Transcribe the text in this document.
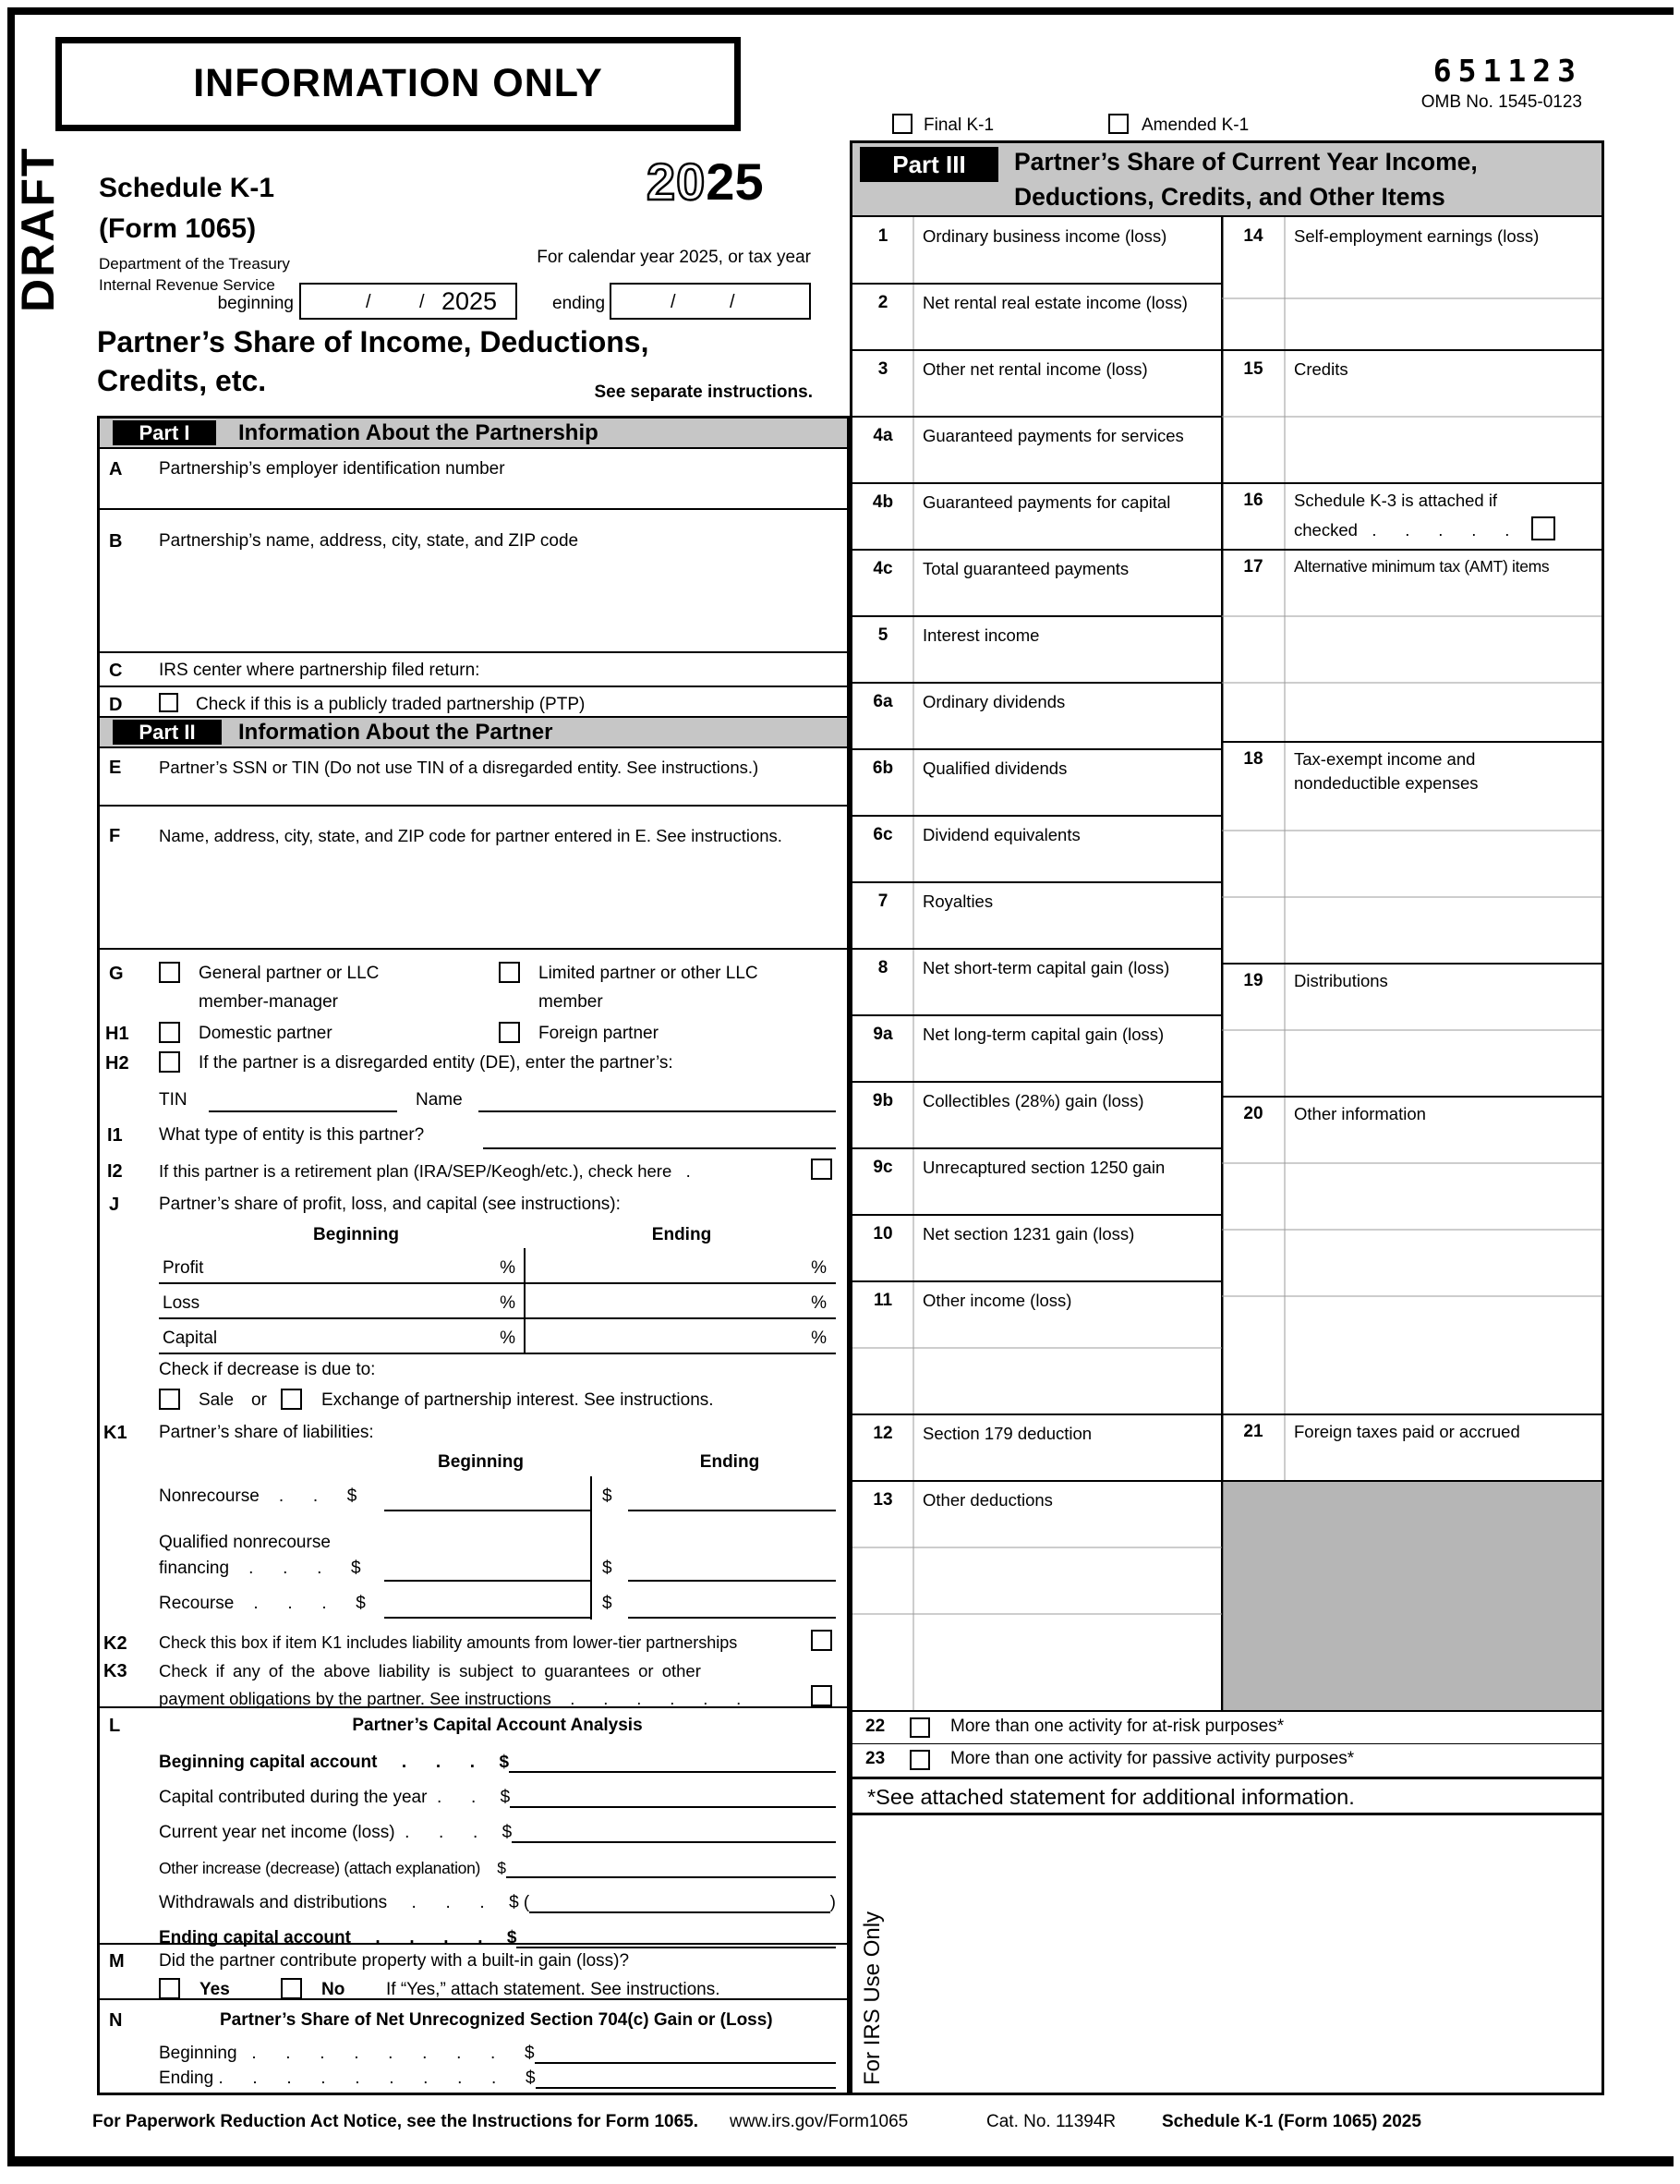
INFORMATION ONLY
DRAFT
651123
OMB No. 1545-0123
Final K-1	Amended K-1
Schedule K-1
(Form 1065)
Department of the Treasury
Internal Revenue Service
2025
For calendar year 2025, or tax year
beginning	/	/ 2025	ending	/	/
Partner’s Share of Income, Deductions,
Credits, etc.	See separate instructions.
Part I	Information About the Partnership
A Partnership’s employer identification number
B Partnership’s name, address, city, state, and ZIP code
C IRS center where partnership filed return:
D	Check if this is a publicly traded partnership (PTP)
Part II	Information About the Partner
E Partner’s SSN or TIN (Do not use TIN of a disregarded entity. See instructions.)
F Name, address, city, state, and ZIP code for partner entered in E. See instructions.
G	General partner or LLC
member-manager
Limited partner or other LLC
member
H1	Domestic partner	Foreign partner
H2	If the partner is a disregarded entity (DE), enter the partner’s:
TIN	Name
I1 What type of entity is this partner?
I2 If this partner is a retirement plan (IRA/SEP/Keogh/etc.), check here   .
J Partner’s share of profit, loss, and capital (see instructions):
Beginning	Ending
Profit	%	%
Loss	%	%
Capital	%	%
Check if decrease is due to:
Sale or	Exchange of partnership interest. See instructions.
K1 Partner’s share of liabilities:
Beginning	Ending
Nonrecourse    .      .      $	$
Qualified nonrecourse
financing    .      .      .      $	$
Recourse    .      .      .      $	$
K2 Check this box if item K1 includes liability amounts from lower-tier partnerships
K3 Check if any of the above liability is subject to guarantees or other
payment obligations by the partner. See instructions    .      .      .      .      .      .
L	Partner’s Capital Account Analysis
Beginning capital account     .      .      .     $
Capital contributed during the year  .      .     $
Current year net income (loss)  .      .      .     $
Other increase (decrease) (attach explanation)    $
Withdrawals and distributions     .      .      .     $ (	)
Ending capital account     .      .      .      .     $
M Did the partner contribute property with a built-in gain (loss)?
Yes	No If “Yes,” attach statement. See instructions.
N	Partner’s Share of Net Unrecognized Section 704(c) Gain or (Loss)
Beginning   .      .      .      .      .      .      .      .      $
Ending .      .      .      .      .      .      .      .      .      $
Part III	Partner’s Share of Current Year Income,
Deductions, Credits, and Other Items
1	Ordinary business income (loss)
2	Net rental real estate income (loss)
3	Other net rental income (loss)
4a	Guaranteed payments for services
4b	Guaranteed payments for capital
4c	Total guaranteed payments
5	Interest income
6a	Ordinary dividends
6b	Qualified dividends
6c	Dividend equivalents
7	Royalties
8	Net short-term capital gain (loss)
9a	Net long-term capital gain (loss)
9b	Collectibles (28%) gain (loss)
9c	Unrecaptured section 1250 gain
10	Net section 1231 gain (loss)
11	Other income (loss)
12	Section 179 deduction
13	Other deductions
14	Self-employment earnings (loss)
15	Credits
16	Schedule K-3 is attached if
checked   .      .      .      .      .
17	Alternative minimum tax (AMT) items
18	Tax-exempt income and
nondeductible expenses
19	Distributions
20	Other information
21	Foreign taxes paid or accrued
22	More than one activity for at-risk purposes*
23	More than one activity for passive activity purposes*
*See attached statement for additional information.
For IRS Use Only
For Paperwork Reduction Act Notice, see the Instructions for Form 1065. www.irs.gov/Form1065	Cat. No. 11394R	Schedule K-1 (Form 1065) 2025
